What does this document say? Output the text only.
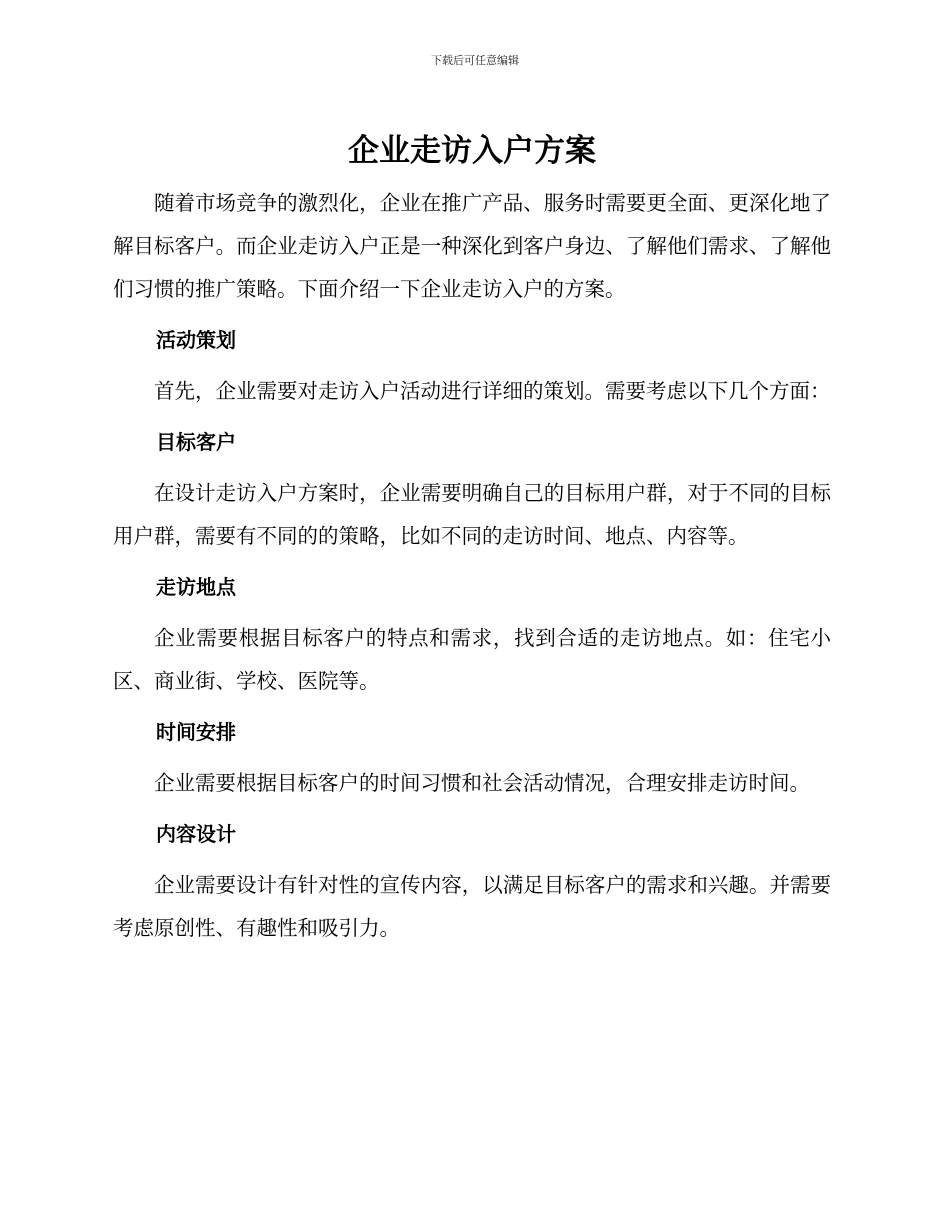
下载后可任意编辑
企业走访入户方案

随着市场竞争的激烈化，企业在推广产品、服务时需要更全面、更深化地了解目标客户。而企业走访入户正是一种深化到客户身边、了解他们需求、了解他们习惯的推广策略。下面介绍一下企业走访入户的方案。

活动策划

首先，企业需要对走访入户活动进行详细的策划。需要考虑以下几个方面：

目标客户

在设计走访入户方案时，企业需要明确自己的目标用户群，对于不同的目标用户群，需要有不同的的策略，比如不同的走访时间、地点、内容等。

走访地点

企业需要根据目标客户的特点和需求，找到合适的走访地点。如：住宅小区、商业街、学校、医院等。

时间安排

企业需要根据目标客户的时间习惯和社会活动情况，合理安排走访时间。

内容设计

企业需要设计有针对性的宣传内容，以满足目标客户的需求和兴趣。并需要考虑原创性、有趣性和吸引力。
